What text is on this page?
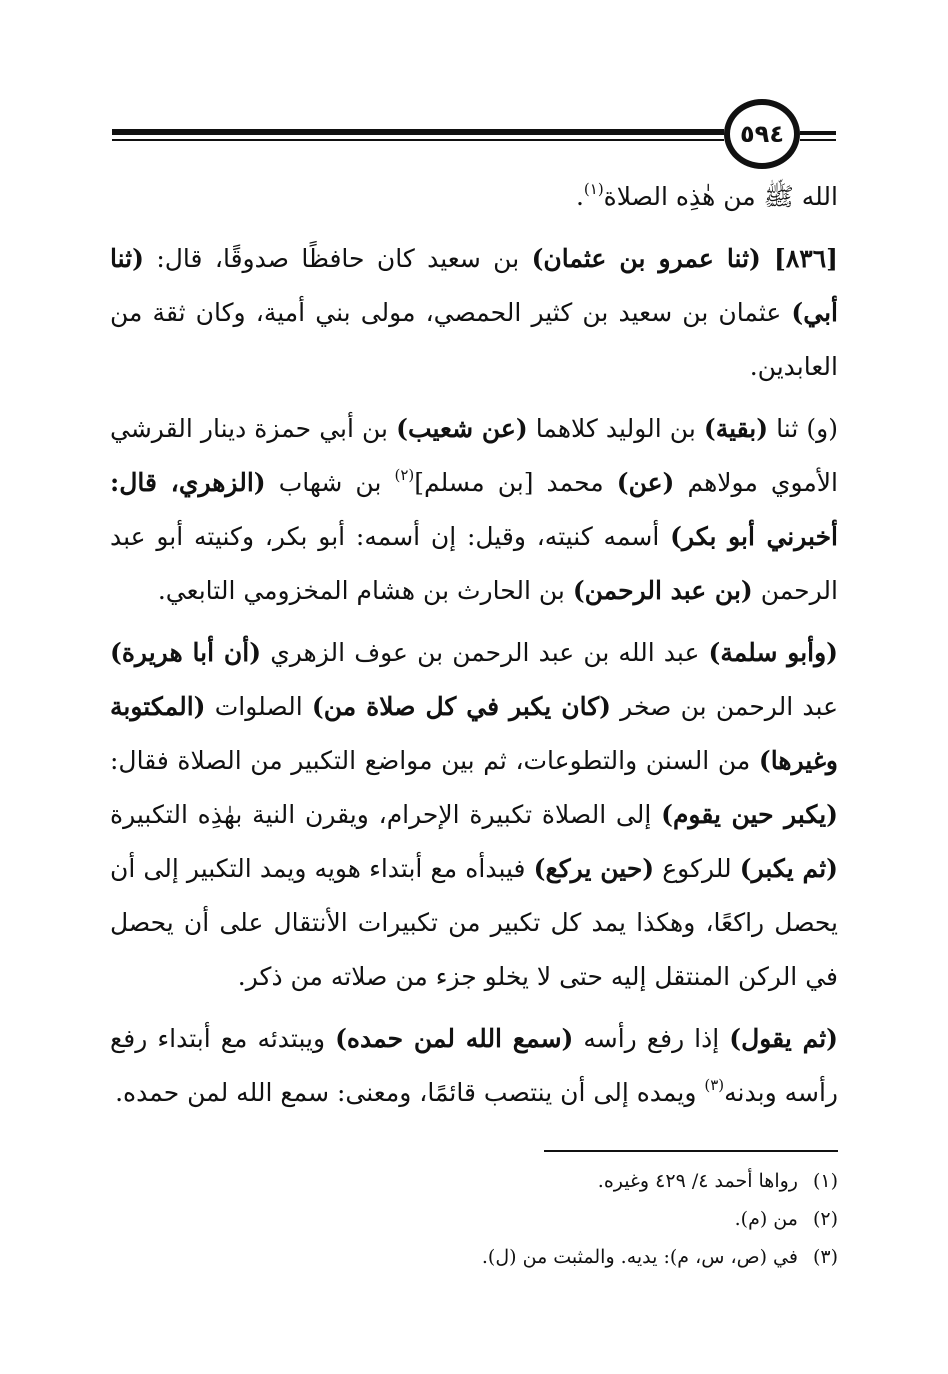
٥٩٤

الله ﷺ من هٰذِه الصلاة$^{(١)}$.

[٨٣٦] (ثنا عمرو بن عثمان) بن سعيد كان حافظًا صدوقًا، قال: (ثنا أبي) عثمان بن سعيد بن كثير الحمصي، مولى بني أمية، وكان ثقة من العابدين.

(و) ثنا (بقية) بن الوليد كلاهما (عن شعيب) بن أبي حمزة دينار القرشي الأموي مولاهم (عن) محمد [بن مسلم]$^{(٢)}$ بن شهاب (الزهري، قال: أخبرني أبو بكر) أسمه كنيته، وقيل: إن أسمه: أبو بكر، وكنيته أبو عبد الرحمن (بن عبد الرحمن) بن الحارث بن هشام المخزومي التابعي.

(وأبو سلمة) عبد الله بن عبد الرحمن بن عوف الزهري (أن أبا هريرة) عبد الرحمن بن صخر (كان يكبر في كل صلاة من) الصلوات (المكتوبة وغيرها) من السنن والتطوعات، ثم بين مواضع التكبير من الصلاة فقال: (يكبر حين يقوم) إلى الصلاة تكبيرة الإحرام، ويقرن النية بهٰذِه التكبيرة (ثم يكبر) للركوع (حين يركع) فيبدأه مع أبتداء هويه ويمد التكبير إلى أن يحصل راكعًا، وهكذا يمد كل تكبير من تكبيرات الأنتقال على أن يحصل في الركن المنتقل إليه حتى لا يخلو جزء من صلاته من ذكر.

(ثم يقول) إذا رفع رأسه (سمع الله لمن حمده) ويبتدئه مع أبتداء رفع رأسه وبدنه$^{(٣)}$ ويمده إلى أن ينتصب قائمًا، ومعنى: سمع الله لمن حمده.

(١) رواها أحمد ٤/ ٤٢٩ وغيره.

(٢) من (م).

(٣) في (ص، س، م): يديه. والمثبت من (ل).
